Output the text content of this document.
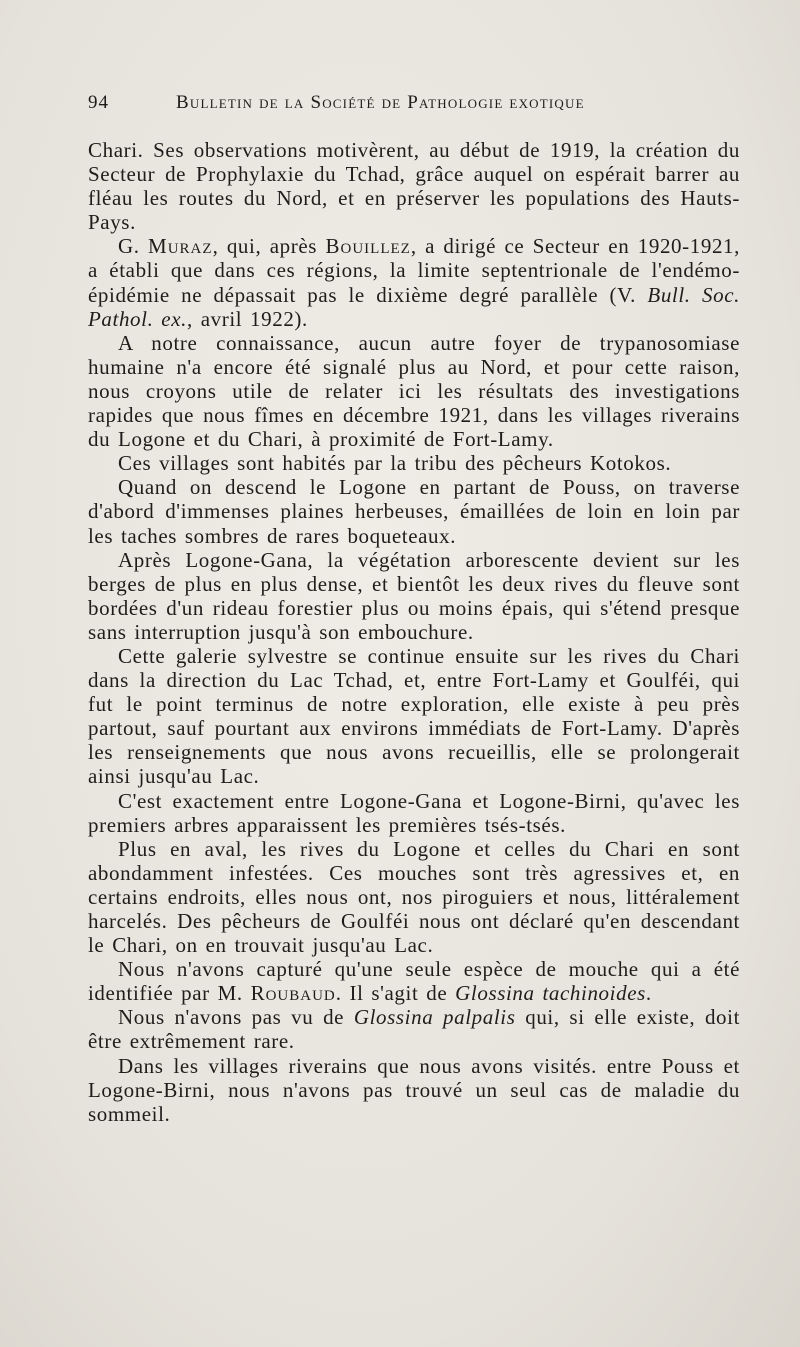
94	Bulletin de la Société de Pathologie exotique

Chari. Ses observations motivèrent, au début de 1919, la création du Secteur de Prophylaxie du Tchad, grâce auquel on espérait barrer au fléau les routes du Nord, et en préserver les populations des Hauts-Pays.

G. Muraz, qui, après Bouillez, a dirigé ce Secteur en 1920-1921, a établi que dans ces régions, la limite septentrionale de l'endémo-épidémie ne dépassait pas le dixième degré parallèle (V. Bull. Soc. Pathol. ex., avril 1922).

A notre connaissance, aucun autre foyer de trypanosomiase humaine n'a encore été signalé plus au Nord, et pour cette raison, nous croyons utile de relater ici les résultats des investigations rapides que nous fîmes en décembre 1921, dans les villages riverains du Logone et du Chari, à proximité de Fort-Lamy.

Ces villages sont habités par la tribu des pêcheurs Kotokos.

Quand on descend le Logone en partant de Pouss, on traverse d'abord d'immenses plaines herbeuses, émaillées de loin en loin par les taches sombres de rares boqueteaux.

Après Logone-Gana, la végétation arborescente devient sur les berges de plus en plus dense, et bientôt les deux rives du fleuve sont bordées d'un rideau forestier plus ou moins épais, qui s'étend presque sans interruption jusqu'à son embouchure.

Cette galerie sylvestre se continue ensuite sur les rives du Chari dans la direction du Lac Tchad, et, entre Fort-Lamy et Goulféi, qui fut le point terminus de notre exploration, elle existe à peu près partout, sauf pourtant aux environs immédiats de Fort-Lamy. D'après les renseignements que nous avons recueillis, elle se prolongerait ainsi jusqu'au Lac.

C'est exactement entre Logone-Gana et Logone-Birni, qu'avec les premiers arbres apparaissent les premières tsés-tsés.

Plus en aval, les rives du Logone et celles du Chari en sont abondamment infestées. Ces mouches sont très agressives et, en certains endroits, elles nous ont, nos piroguiers et nous, littéralement harcelés. Des pêcheurs de Goulféi nous ont déclaré qu'en descendant le Chari, on en trouvait jusqu'au Lac.

Nous n'avons capturé qu'une seule espèce de mouche qui a été identifiée par M. Roubaud. Il s'agit de Glossina tachinoides.

Nous n'avons pas vu de Glossina palpalis qui, si elle existe, doit être extrêmement rare.

Dans les villages riverains que nous avons visités. entre Pouss et Logone-Birni, nous n'avons pas trouvé un seul cas de maladie du sommeil.
